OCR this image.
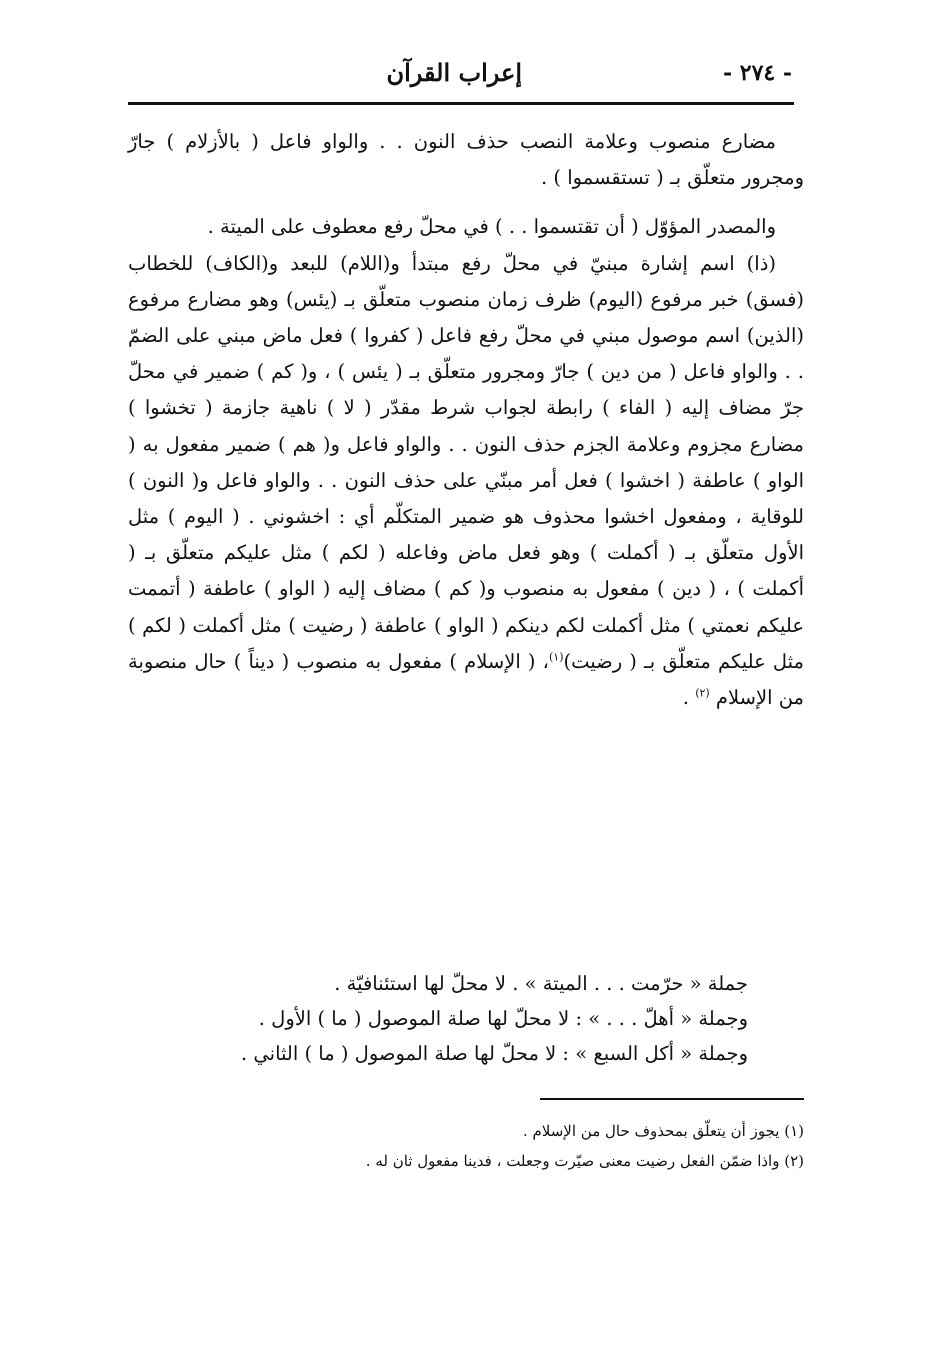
- ٢٧٤ -
إعراب القرآن

مضارع منصوب وعلامة النصب حذف النون . . والواو فاعل ( بالأزلام ) جارّ ومجرور متعلّق بـ ( تستقسموا ) .

والمصدر المؤوّل ( أن تقتسموا . . ) في محلّ رفع معطوف على الميتة .

(ذا) اسم إشارة مبنيّ في محلّ رفع مبتدأ و(اللام) للبعد و(الكاف) للخطاب (فسق) خبر مرفوع (اليوم) ظرف زمان منصوب متعلّق بـ (يئس) وهو مضارع مرفوع (الذين) اسم موصول مبني في محلّ رفع فاعل ( كفروا ) فعل ماض مبني على الضمّ . . والواو فاعل ( من دين ) جارّ ومجرور متعلّق بـ ( يئس ) ، و( كم ) ضمير في محلّ جرّ مضاف إليه ( الفاء ) رابطة لجواب شرط مقدّر ( لا ) ناهية جازمة ( تخشوا ) مضارع مجزوم وعلامة الجزم حذف النون . . والواو فاعل و( هم ) ضمير مفعول به ( الواو ) عاطفة ( اخشوا ) فعل أمر مبنّي على حذف النون . . والواو فاعل و( النون ) للوقاية ، ومفعول اخشوا محذوف هو ضمير المتكلّم أي : اخشوني . ( اليوم ) مثل الأول متعلّق بـ ( أكملت ) وهو فعل ماض وفاعله ( لكم ) مثل عليكم متعلّق بـ ( أكملت ) ، ( دين ) مفعول به منصوب و( كم ) مضاف إليه ( الواو ) عاطفة ( أتممت عليكم نعمتي ) مثل أكملت لكم دينكم ( الواو ) عاطفة ( رضيت ) مثل أكملت ( لكم ) مثل عليكم متعلّق بـ ( رضيت)$^{(١)}$، ( الإسلام ) مفعول به منصوب ( ديناً ) حال منصوبة من الإسلام $^{(٢)}$ .

جملة « حرّمت . . . الميتة » . لا محلّ لها استئنافيّة .
وجملة « أهلّ . . . » : لا محلّ لها صلة الموصول ( ما ) الأول .
وجملة « أكل السبع » : لا محلّ لها صلة الموصول ( ما ) الثاني .
(١) يجوز أن يتعلّق بمحذوف حال من الإسلام .
(٢) واذا ضمّن الفعل رضيت معنى صيّرت وجعلت ، فدينا مفعول ثان له .
